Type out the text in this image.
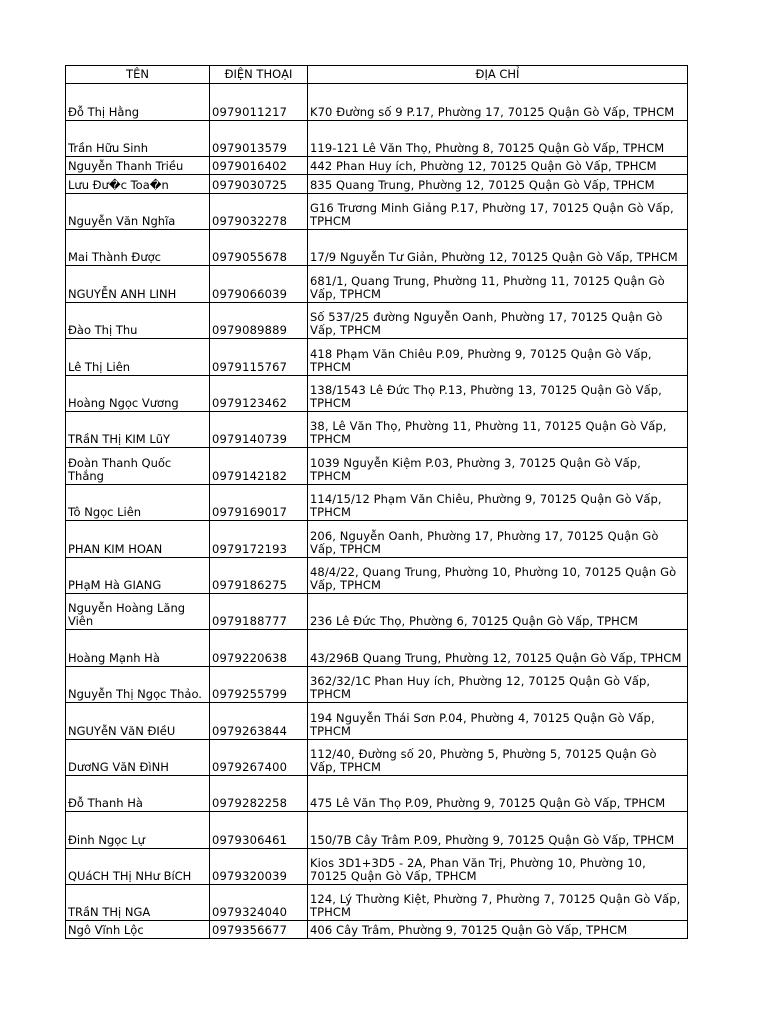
TÊN	ĐIỆN THOẠI	ĐỊA CHỈ
Đỗ Thị Hằng	0979011217	K70 Đường số 9 P.17, Phường 17, 70125 Quận Gò Vấp, TPHCM
Trần Hữu Sinh	0979013579	119-121 Lê Văn Thọ, Phường 8, 70125 Quận Gò Vấp, TPHCM
Nguyễn Thanh Triều	0979016402	442 Phan Huy ích, Phường 12, 70125 Quận Gò Vấp, TPHCM
Lưu Đư�c Toa�n	0979030725	835 Quang Trung, Phường 12, 70125 Quận Gò Vấp, TPHCM
Nguyễn Văn Nghĩa	0979032278	G16 Trương Minh Giảng P.17, Phường 17, 70125 Quận Gò Vấp, TPHCM
Mai Thành Được	0979055678	17/9 Nguyễn Tư Giản, Phường 12, 70125 Quận Gò Vấp, TPHCM
NGUYỄN ANH LINH	0979066039	681/1, Quang Trung, Phường 11, Phường 11, 70125 Quận Gò Vấp, TPHCM
Đào Thị Thu	0979089889	Số 537/25 đường Nguyễn Oanh, Phường 17, 70125 Quận Gò Vấp, TPHCM
Lê Thị Liên	0979115767	418 Phạm Văn Chiêu P.09, Phường 9, 70125 Quận Gò Vấp, TPHCM
Hoàng Ngọc Vương	0979123462	138/1543 Lê Đức Thọ P.13, Phường 13, 70125 Quận Gò Vấp, TPHCM
TRầN THị KIM LũY	0979140739	38, Lê Văn Thọ, Phường 11, Phường 11, 70125 Quận Gò Vấp, TPHCM
Đoàn Thanh Quốc Thắng	0979142182	1039 Nguyễn Kiệm P.03, Phường 3, 70125 Quận Gò Vấp, TPHCM
Tô Ngọc Liên	0979169017	114/15/12 Phạm Văn Chiêu, Phường 9, 70125 Quận Gò Vấp, TPHCM
PHAN KIM HOAN	0979172193	206, Nguyễn Oanh, Phường 17, Phường 17, 70125 Quận Gò Vấp, TPHCM
PHạM Hà GIANG	0979186275	48/4/22, Quang Trung, Phường 10, Phường 10, 70125 Quận Gò Vấp, TPHCM
Nguyễn Hoàng Lăng Viên	0979188777	236 Lê Đức Thọ, Phường 6, 70125 Quận Gò Vấp, TPHCM
Hoàng Mạnh Hà	0979220638	43/296B Quang Trung, Phường 12, 70125 Quận Gò Vấp, TPHCM
Nguyễn Thị Ngọc Thảo.	0979255799	362/32/1C Phan Huy ích, Phường 12, 70125 Quận Gò Vấp, TPHCM
NGUYễN VăN ĐIềU	0979263844	194 Nguyễn Thái Sơn P.04, Phường 4, 70125 Quận Gò Vấp, TPHCM
DươNG VăN ĐìNH	0979267400	112/40, Đường số 20, Phường 5, Phường 5, 70125 Quận Gò Vấp, TPHCM
Đỗ Thanh Hà	0979282258	475 Lê Văn Thọ P.09, Phường 9, 70125 Quận Gò Vấp, TPHCM
Đinh Ngọc Lự	0979306461	150/7B Cây Trâm P.09, Phường 9, 70125 Quận Gò Vấp, TPHCM
QUáCH THị NHư BíCH	0979320039	Kios 3D1+3D5 - 2A, Phan Văn Trị, Phường 10, Phường 10, 70125 Quận Gò Vấp, TPHCM
TRầN THị NGA	0979324040	124, Lý Thường Kiệt, Phường 7, Phường 7, 70125 Quận Gò Vấp, TPHCM
Ngô Vĩnh Lộc	0979356677	406 Cây Trâm, Phường 9, 70125 Quận Gò Vấp, TPHCM
